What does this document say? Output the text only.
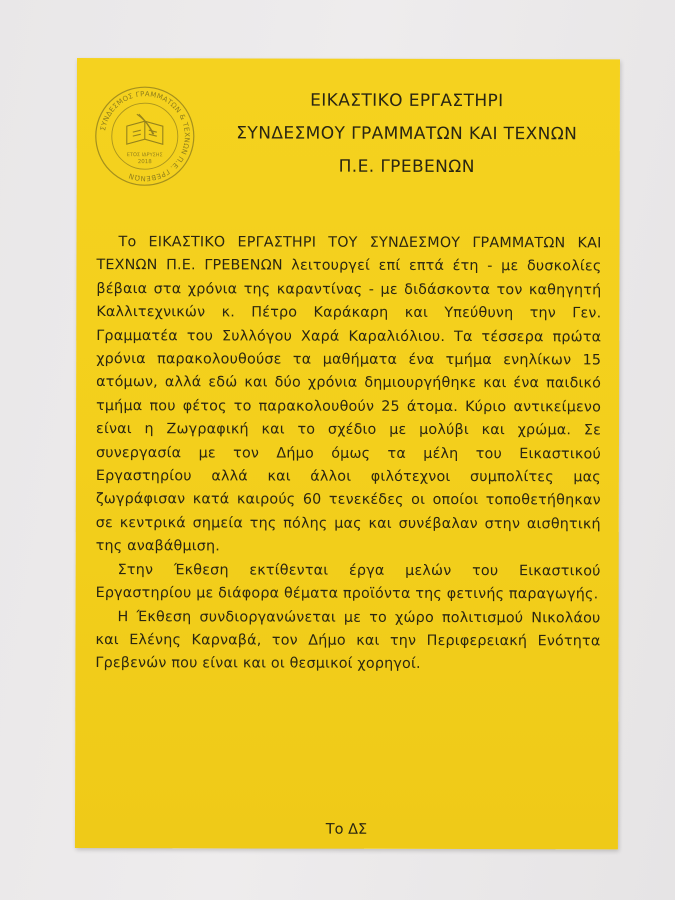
ΣΥΝΔΕΣΜΟΣ ΓΡΑΜΜΑΤΩΝ & ΤΕΧΝΩΝ Π.Ε. ΓΡΕΒΕΝΩΝ
ΕΤΟΣ ΙΔΡΥΣΗΣ
2018
ΕΙΚΑΣΤΙΚΟ ΕΡΓΑΣΤΗΡΙ
ΣΥΝΔΕΣΜΟΥ ΓΡΑΜΜΑΤΩΝ ΚΑΙ ΤΕΧΝΩΝ
Π.Ε. ΓΡΕΒΕΝΩΝ

Το ΕΙΚΑΣΤΙΚΟ ΕΡΓΑΣΤΗΡΙ ΤΟΥ ΣΥΝΔΕΣΜΟΥ ΓΡΑΜΜΑΤΩΝ ΚΑΙ ΤΕΧΝΩΝ Π.Ε. ΓΡΕΒΕΝΩΝ λειτουργεί επί επτά έτη - με δυσκολίες βέβαια στα χρόνια της καραντίνας - με διδάσκοντα τον καθηγητή Καλλιτεχνικών κ. Πέτρο Καράκαρη και Υπεύθυνη την Γεν. Γραμματέα του Συλλόγου Χαρά Καραλιόλιου. Τα τέσσερα πρώτα χρόνια παρακολουθούσε τα μαθήματα ένα τμήμα ενηλίκων 15 ατόμων, αλλά εδώ και δύο χρόνια δημιουργήθηκε και ένα παιδικό τμήμα που φέτος το παρακολουθούν 25 άτομα. Κύριο αντικείμενο είναι η Ζωγραφική και το σχέδιο με μολύβι και χρώμα. Σε συνεργασία με τον Δήμο όμως τα μέλη του Εικαστικού Εργαστηρίου αλλά και άλλοι φιλότεχνοι συμπολίτες μας ζωγράφισαν κατά καιρούς 60 τενεκέδες οι οποίοι τοποθετήθηκαν σε κεντρικά σημεία της πόλης μας και συνέβαλαν στην αισθητική της αναβάθμιση.

Στην Έκθεση εκτίθενται έργα μελών του Εικαστικού Εργαστηρίου με διάφορα θέματα προϊόντα της φετινής παραγωγής.

Η Έκθεση συνδιοργανώνεται με το χώρο πολιτισμού Νικολάου και Ελένης Καρναβά, τον Δήμο και την Περιφερειακή Ενότητα Γρεβενών που είναι και οι θεσμικοί χορηγοί.

Το ΔΣ
